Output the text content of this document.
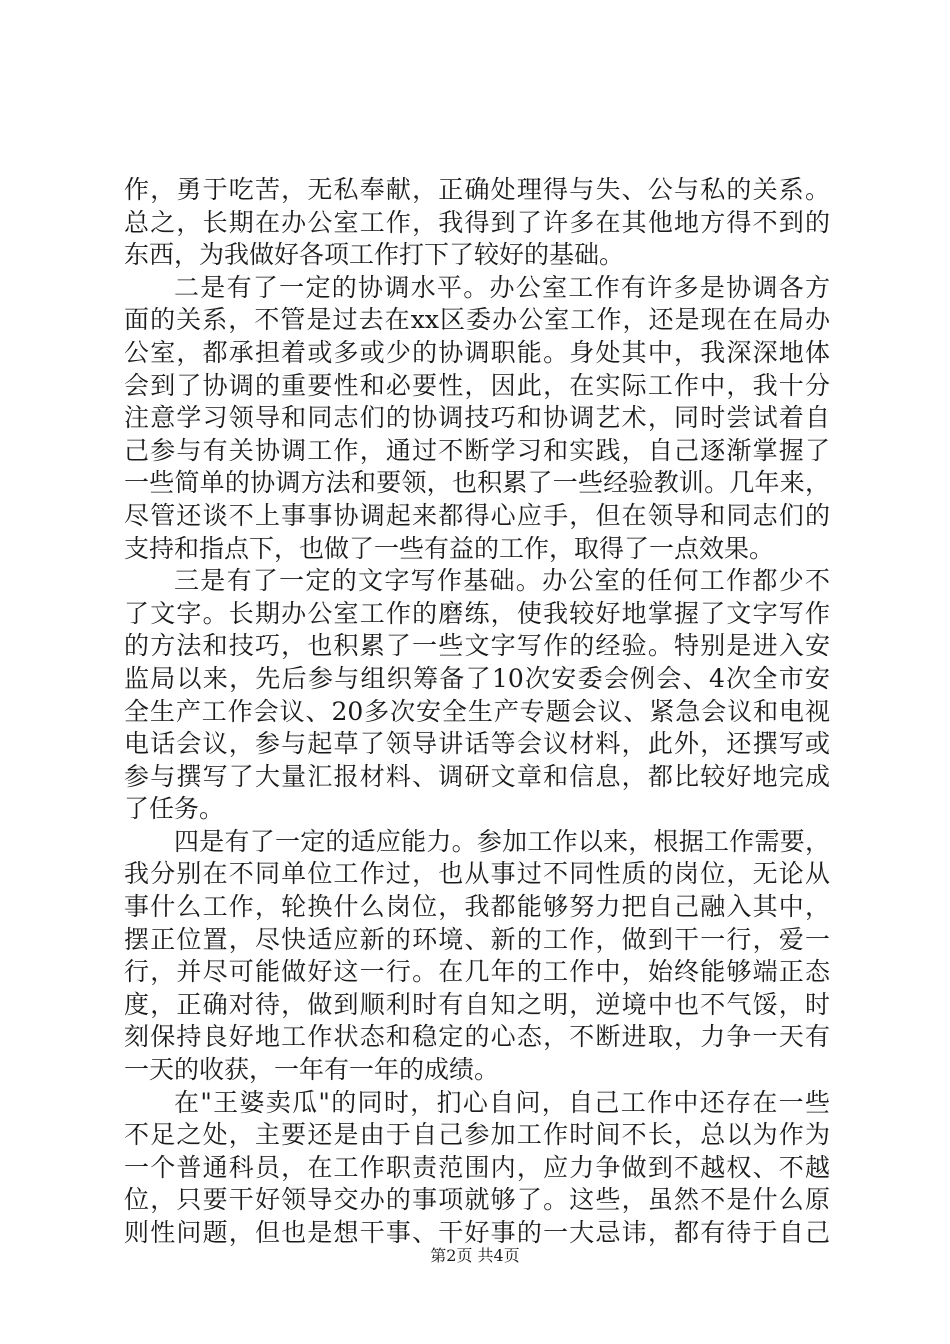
作，勇于吃苦，无私奉献，正确处理得与失、公与私的关系。
总之，长期在办公室工作，我得到了许多在其他地方得不到的
东西，为我做好各项工作打下了较好的基础。
二是有了一定的协调水平。办公室工作有许多是协调各方
面的关系，不管是过去在xx区委办公室工作，还是现在在局办
公室，都承担着或多或少的协调职能。身处其中，我深深地体
会到了协调的重要性和必要性，因此，在实际工作中，我十分
注意学习领导和同志们的协调技巧和协调艺术，同时尝试着自
己参与有关协调工作，通过不断学习和实践，自己逐渐掌握了
一些简单的协调方法和要领，也积累了一些经验教训。几年来，
尽管还谈不上事事协调起来都得心应手，但在领导和同志们的
支持和指点下，也做了一些有益的工作，取得了一点效果。
三是有了一定的文字写作基础。办公室的任何工作都少不
了文字。长期办公室工作的磨练，使我较好地掌握了文字写作
的方法和技巧，也积累了一些文字写作的经验。特别是进入安
监局以来，先后参与组织筹备了10次安委会例会、4次全市安
全生产工作会议、20多次安全生产专题会议、紧急会议和电视
电话会议，参与起草了领导讲话等会议材料，此外，还撰写或
参与撰写了大量汇报材料、调研文章和信息，都比较好地完成
了任务。
四是有了一定的适应能力。参加工作以来，根据工作需要，
我分别在不同单位工作过，也从事过不同性质的岗位，无论从
事什么工作，轮换什么岗位，我都能够努力把自己融入其中，
摆正位置，尽快适应新的环境、新的工作，做到干一行，爱一
行，并尽可能做好这一行。在几年的工作中，始终能够端正态
度，正确对待，做到顺利时有自知之明，逆境中也不气馁，时
刻保持良好地工作状态和稳定的心态，不断进取，力争一天有
一天的收获，一年有一年的成绩。
在"王婆卖瓜"的同时，扪心自问，自己工作中还存在一些
不足之处，主要还是由于自己参加工作时间不长，总以为作为
一个普通科员，在工作职责范围内，应力争做到不越权、不越
位，只要干好领导交办的事项就够了。这些，虽然不是什么原
则性问题，但也是想干事、干好事的一大忌讳，都有待于自己
第2页 共4页
